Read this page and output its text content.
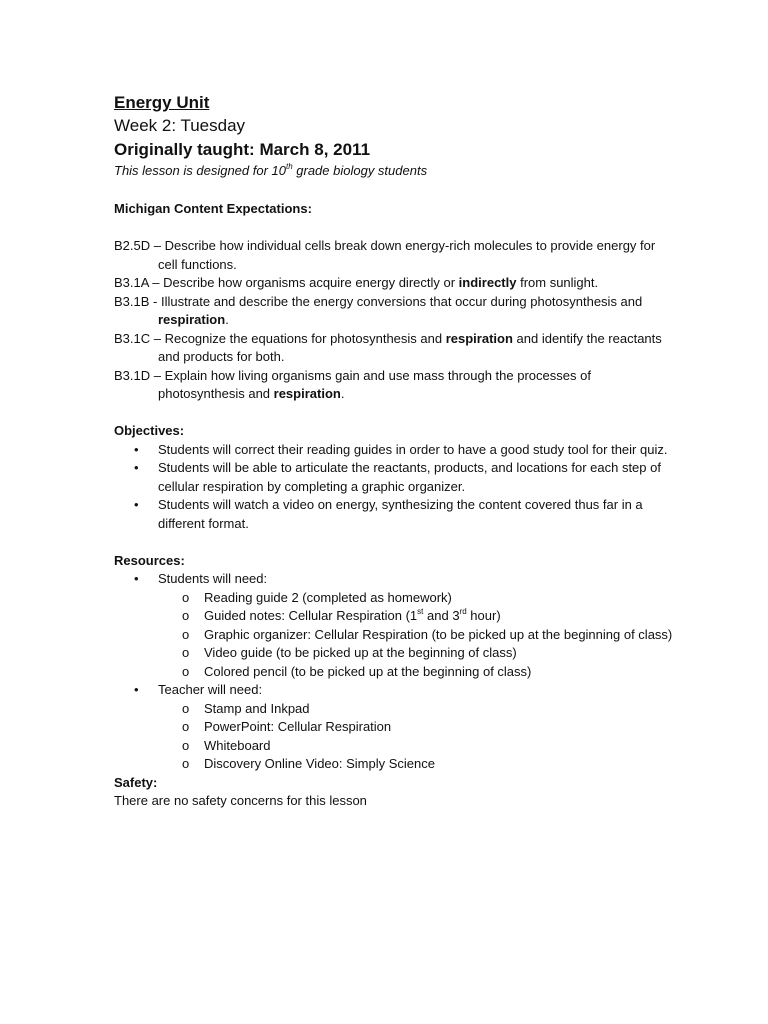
Energy Unit
Week 2: Tuesday
Originally taught: March 8, 2011
This lesson is designed for 10th grade biology students
Michigan Content Expectations:
B2.5D – Describe how individual cells break down energy-rich molecules to provide energy for cell functions.
B3.1A – Describe how organisms acquire energy directly or indirectly from sunlight.
B3.1B - Illustrate and describe the energy conversions that occur during photosynthesis and respiration.
B3.1C – Recognize the equations for photosynthesis and respiration and identify the reactants and products for both.
B3.1D – Explain how living organisms gain and use mass through the processes of photosynthesis and respiration.
Objectives:
• Students will correct their reading guides in order to have a good study tool for their quiz.
• Students will be able to articulate the reactants, products, and locations for each step of cellular respiration by completing a graphic organizer.
• Students will watch a video on energy, synthesizing the content covered thus far in a different format.
Resources:
• Students will need:
o Reading guide 2 (completed as homework)
o Guided notes: Cellular Respiration (1st and 3rd hour)
o Graphic organizer: Cellular Respiration (to be picked up at the beginning of class)
o Video guide (to be picked up at the beginning of class)
o Colored pencil (to be picked up at the beginning of class)
• Teacher will need:
o Stamp and Inkpad
o PowerPoint: Cellular Respiration
o Whiteboard
o Discovery Online Video: Simply Science
Safety:
There are no safety concerns for this lesson
